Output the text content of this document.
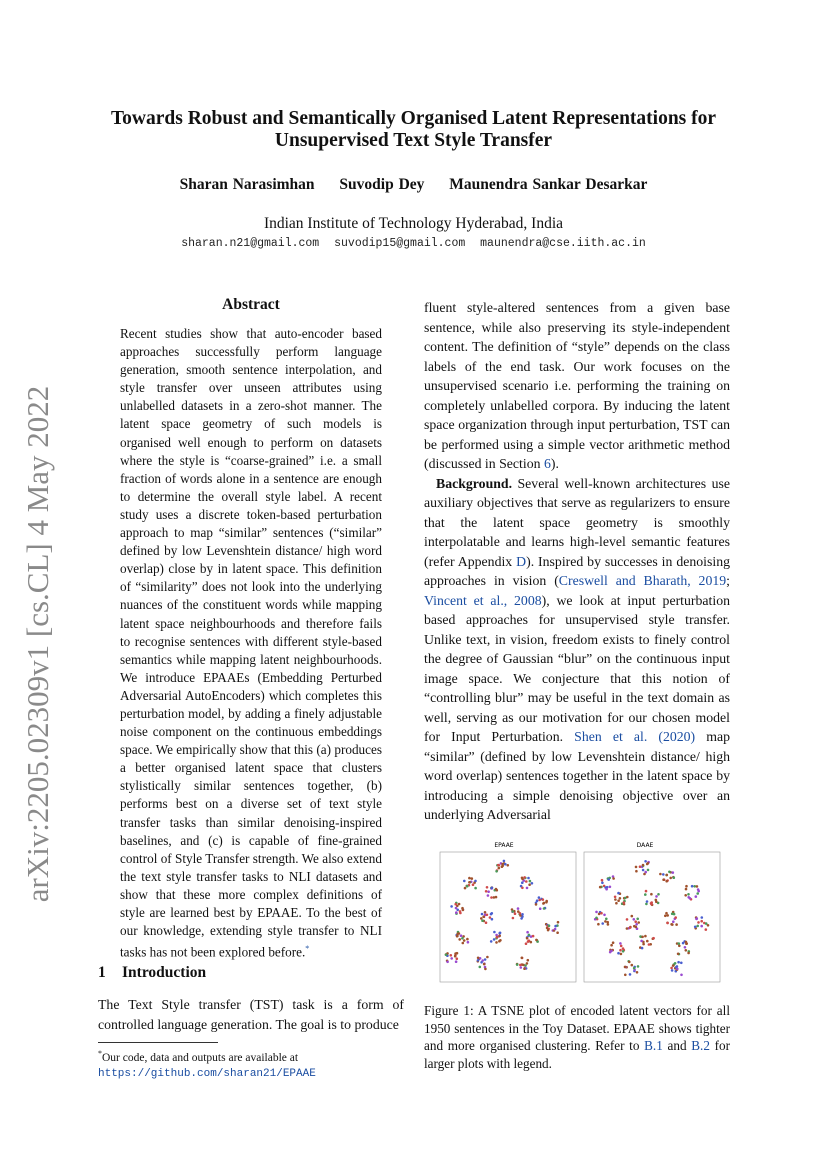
arXiv:2205.02309v1 [cs.CL] 4 May 2022
Towards Robust and Semantically Organised Latent Representations for
Unsupervised Text Style Transfer
Sharan Narasimhan Suvodip Dey Maunendra Sankar Desarkar
Indian Institute of Technology Hyderabad, India
sharan.n21@gmail.com suvodip15@gmail.com maunendra@cse.iith.ac.in
Abstract
Recent studies show that auto-encoder based approaches successfully perform language generation, smooth sentence interpolation, and style transfer over unseen attributes using unlabelled datasets in a zero-shot manner. The latent space geometry of such models is organised well enough to perform on datasets where the style is “coarse-grained” i.e. a small fraction of words alone in a sentence are enough to determine the overall style label. A recent study uses a discrete token-based perturbation approach to map “similar” sentences (“similar” defined by low Levenshtein distance/ high word overlap) close by in latent space. This definition of “similarity” does not look into the underlying nuances of the constituent words while mapping latent space neighbourhoods and therefore fails to recognise sentences with different style-based semantics while mapping latent neighbourhoods. We introduce EPAAEs (Embedding Perturbed Adversarial AutoEncoders) which completes this perturbation model, by adding a finely adjustable noise component on the continuous embeddings space. We empirically show that this (a) produces a better organised latent space that clusters stylistically similar sentences together, (b) performs best on a diverse set of text style transfer tasks than similar denoising-inspired baselines, and (c) is capable of fine-grained control of Style Transfer strength. We also extend the text style transfer tasks to NLI datasets and show that these more complex definitions of style are learned best by EPAAE. To the best of our knowledge, extending style transfer to NLI tasks has not been explored before.*
1 Introduction
The Text Style transfer (TST) task is a form of controlled language generation. The goal is to produce
*Our code, data and outputs are available at https://github.com/sharan21/EPAAE

fluent style-altered sentences from a given base sentence, while also preserving its style-independent content. The definition of “style” depends on the class labels of the end task. Our work focuses on the unsupervised scenario i.e. performing the training on completely unlabelled corpora. By inducing the latent space organization through input perturbation, TST can be performed using a simple vector arithmetic method (discussed in Section 6).

Background. Several well-known architectures use auxiliary objectives that serve as regularizers to ensure that the latent space geometry is smoothly interpolatable and learns high-level semantic features (refer Appendix D). Inspired by successes in denoising approaches in vision (Creswell and Bharath, 2019; Vincent et al., 2008), we look at input perturbation based approaches for unsupervised style transfer. Unlike text, in vision, freedom exists to finely control the degree of Gaussian “blur” on the continuous input image space. We conjecture that this notion of “controlling blur” may be useful in the text domain as well, serving as our motivation for our chosen model for Input Perturbation. Shen et al. (2020) map “similar” (defined by low Levenshtein distance/ high word overlap) sentences together in the latent space by introducing a simple denoising objective over an underlying Adversarial

EPAAE	DAAE
Figure 1: A TSNE plot of encoded latent vectors for all 1950 sentences in the Toy Dataset. EPAAE shows tighter and more organised clustering. Refer to B.1 and B.2 for larger plots with legend.
